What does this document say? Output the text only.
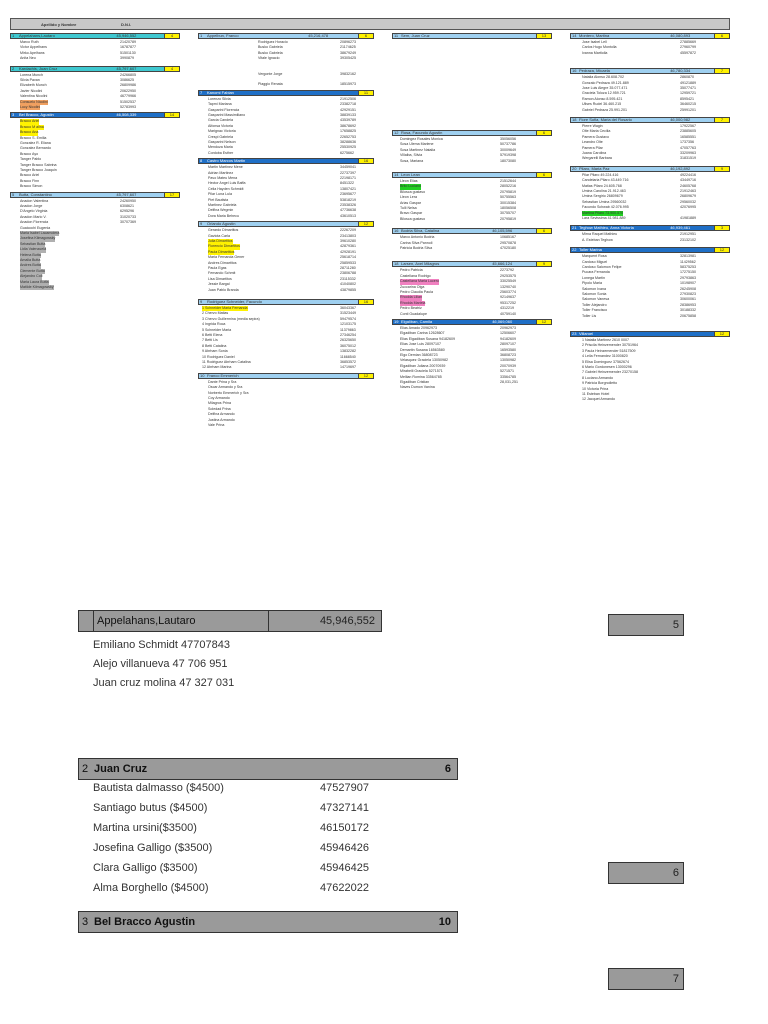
Apellido y Nombre	D.N.I.
1 Appelahans,Lautaro	45,946,552	4
Marco Ruth	21420789
Victor Appelhans	16787877
Mirko Apelhans	51501130
Anita Neu	3990879
2 Kardachis, Juan Cruz	45,797,607	4
Lorena Munch	24266805
Silvia Pavan	3086625
Elizabeth Munch	26809986
Javier Nicolini	20622950
Valentina Nicolini	46779966
Consuelo Nicolini	51502537
Lucy Nicolini	52783993
3 Bel Bracco, Agustin	46,508,339	14
Bracco Ariel
Bracco M alina
Bracco Ana
Bracco S. Emilia
Gonzalez R. Eliana
Gonzalez Bernardo
Bracco Ayo
Tanger Pablo
Tanger Bracco Sabrina
Tanger Bracco Joaquin
Bracco Ariel
Bracco Finn
Bracco Simon
5 Butta, Constantino	45,797,607	17
Anadon Valentina	24260950
Anadon Jorge	6308621
D'Angelo Virginia	6295296
Anadon Mario V.	31020733
Anadon Florencia	30707369
Guaicochi Eugenia
Maria Isabel Lacamoiera
Josefina Kilmagowsky
Sebastian Butta
Lidia Valenzuela
Helena Butta
Amalia Butta
Andres Butta
Clemente Butta
Alejandro Coll
Maria Laura Butta
Matilde Kilmagowsky
1 Appelbun, Franco	45,216,478	6
Rodriguez Horacio	20896273
Busko Gabriela	21174625
Busko Gabriela	38679249
Vitale Ignacio	39305425
Vergonte Jorge	39832162
Plaggio Renata	18515973
7 Kanomi Fabian	11
Lorenzo Silvia	21912506
Tapmi Mariana	23382718
Gasparini Florencia	42929151
Gasparini Massimiliano	38839133
Garcia Candela	43539789
Alfonsa Victoria	38678692
Marignac Victoria	17658825
Crespi Gabriela	22652753
Gasparini Nelson	38288636
Mendoza Maria	25530925
Cordoba Esther	6275662
8 Castro Marcos Martin	16
Martin Martinez Mene	34459041
Adrian Martinez	22737397
Pavo Mateu Mena	22198171
Hector Angel Luis Baffa	8451322
Celia Hayden Schmidt	13807421
Pilar Luna Lula	23695677
Piet Bautista	53818219
Martinez Gabriela	23538326
Delfina Wegmin	47736638
Dora Maria Behecu	43610513
9 Orlando Agustin	12
Gerardo Dimartitos	22267209
Gaviota Carla	23413803
Julia Dimartitos	39610280
Florencio Dimartitos	42879361
Paula Dimartitos	42928191
Maria Fernanda Gener	25618714
Andres Dimartitos	25859533
Paula Egas	28711280
Fernando Schmit	23806788
Lisa Dimartitos	23115332
Jessie Bargal	41040802
Juan Pablo Branda	43879855
9 Rodriguez Schneider, Facundo	16
1 Schneider Maria Fernanda	36043367
2 Chervo Matias	31523449
3 Chervo Guillermina (media sepira)	59479574
4 Ingrida Roca	12103175
5 Schneider Maria	11379863
6 Betti Elena	27346254
7 Betti Lis	26325650
8 Betti Catalina	36075012
9 Abrham Sonia	13832282
10 Rodriguez Daniel	11668540
11 Rodriguez Abrham Catalina	36853572
12 Abrham Marina	14719697
10 Franco Emmerich	12
Dante Prina y Sra
Oscar Armando y Sra
Norberto Emmerich y Sra
Coy Armando
Milagros Prina
Soledad Prina
Delfina Armando
Justina Armando
Vale Prina
11 Sem, Juan Cruz	13
12 Rosa, Facundo Agustin	6
Domingez Rosales Monica	35056056
Sosa Ulema Marlene	50737786
Sosa Martinez Natalia	30009649
Villalba, Silvia	57919398
Sosa, Mariana	18073080
14 Leon Lean	6
Lleon Elias	21512644
Brito Luciano	28052216
Bilosca gustavo	20795819
Lleon Lera	50755563
Arias Gaspar	30015384
Tulli Nelsa	18056508
Bravo Gaspar	30755707
Bilosca gustavo	20795819
16 Bodria Silva, Catalina	46,105,596	6
Marco Antonio Bodria	10685167
Carina Silva Pannoli	29570878
Patricia Bodria Silva	47025180
18 Larsen, Axel Milagros	45,666,124	9
Pedro Patricia	2273792
Castellana Rodrigo	29253575
Castellana Maria Lucero	33025549
Zuccarina Olga	13290740
Pedro Claudia Paula	25603774
Rhodda Lilian	92149637
Rhodda Mariela	95317252
Pedro Beatriz	4312219
Conti Guadalupe	40759140
19 Elgaliban, Camila	46,069,060	12
Elias Amado 20962973	20962973
Elgadiban Carina 12628607	12506607
Elias Elgadiban Susana 94182609	94182609
Elias Jose Luis 28097107	28097107
Demartin Susana 16563580	16593580
Elgo Demian 36808723	36808723
Velasquez Graciela 13050982	13050982
Elgadiban Juliana 20070939	20070939
Mirabelli Graciela 5271571	5271571
Mellian Romina 33564785	33564785
Elgadiban Cristian	28,031,251
Naves Dumon Vanina
14 Montero, Martina	46,080,893	6
Jose Isabel Lell	27885669
Carlos Hugo Montolla	27960799
Ivanna Martiolla	45597872
16 Pedraza, Micaela	46,780,334	7
Natalia Alonso 28.608.702	2860870
Gonzalo Pedraza 49.121.889	49121889
Jose Luis Alegre 35.077.471	35077471
Graciela Toloza 12.959.721	12959721
Ramon Alonso 8.595.421	8595421
Ulises Rudel 36.460.215	36460215
Gabriel Pedraza 25.991.201	25991201
18 Fiore Sofia, Maria del Rosario	46,000,982	7
Pierre Wagin	17922567
Olte Maria Cecilia	23885605
Pamera Gustavo	16585551
Leandro Olte	1737356
Pamera Pilar	47057763
Juana Carolina	33209963
Wergarelli Barbara	31831519
20 Pilaro, Maria Paz	46,192,892	9
Pilar Pilaro 49.224.416	49224416
Candelaria Pilaro 43.449.716	43449716
Matias Pilaro 24.605.768	24605768
Umina Carolina 21.912.463	21912463
Umina Sergirio 26809679	26809679
Sebastian Umina 29560032	29560032
Facundo Schwab 42.076.995	42076995
Martina Pilaro 73.900.570
Lara Sevissima 41.981.889	41981889
21 Teghow Mathieu, Anna Victoria	46,939,461	3
Mirna Raquel Mathieu	21912951
A. Esteban Teghow	23132102
22 Toller Marina	12
Marquent Rosa	32813981
Cardoso Miguel	11429562
Cardoso Salomon Felipe	58375253
Pucara Fernanda	17275150
Lonega Martin	29793863
Pipolo Maria	10198907
Salomon Ivana	26245908
Salomon Sonia	27930823
Salomon Vanesa	30600061
Toller Alejandro	28386953
Toller Francisco	30188332
Toller Lis	20675858
23 Villaroel	12
1 Natalia Martinez 2610 0007
2 Priscila Heinzemender 30751964
3 Paula Heinzemender 51817509
4 Leila Fernandez 31000820
5 Elisa Dominguez 37562674
6 Mario Gordonesen 13000296
7 Gabriel Heinzemender 23270158
8 Luciano Armando
9 Patricia Borgnolletto
10 Victoria Prina
11 Esteban Hotel
12 Jacquet Armando
Appelahans,Lautaro	45,946,552	5
Emiliano Schmidt 47707843
Alejo villanueva 47 706 951
Juan cruz molina 47 327 031
2 Juan Cruz	6
6
Bautista dalmasso ($4500)	47527907
Santiago butus ($4500)	47327141
Martina ursini($3500)	46150172
Josefina Galligo ($3500)	45946426
Clara Galligo ($3500)	45946425
Alma Borghello ($4500)	47622022
3 Bel Bracco Agustin	10
7
